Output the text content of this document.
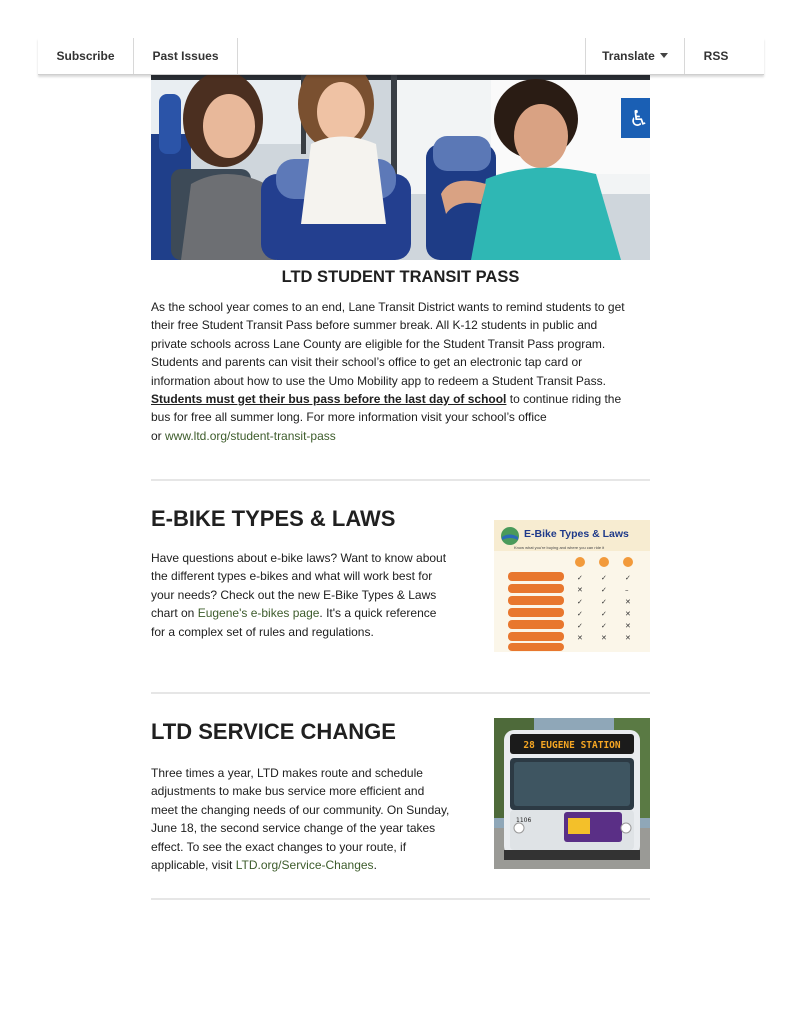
Subscribe	Past Issues	Translate	RSS
♿
LTD STUDENT TRANSIT PASS
As the school year comes to an end, Lane Transit District wants to remind students to get
their free Student Transit Pass before summer break. All K-12 students in public and
private schools across Lane County are eligible for the Student Transit Pass program.
Students and parents can visit their school’s office to get an electronic tap card or
information about how to use the Umo Mobility app to redeem a Student Transit Pass.
Students must get their bus pass before the last day of school to continue riding the
bus for free all summer long. For more information visit your school’s office
or www.ltd.org/student-transit-pass
E-BIKE TYPES & LAWS
Have questions about e-bike laws? Want to know about
the different types e-bikes and what will work best for
your needs? Check out the new E-Bike Types & Laws
chart on Eugene's e-bikes page. It's a quick reference
for a complex set of rules and regulations.
E-Bike Types & Laws
Know what you're buying and where you can ride it
✓	✓	✓
✕	✓	–
✓	✓	✕
✓	✓	✕
✓	✓	✕
✕	✕	✕
LTD SERVICE CHANGE
Three times a year, LTD makes route and schedule
adjustments to make bus service more efficient and
meet the changing needs of our community. On Sunday,
June 18, the second service change of the year takes
effect. To see the exact changes to your route, if
applicable, visit LTD.org/Service-Changes.
28 EUGENE STATION
1106
